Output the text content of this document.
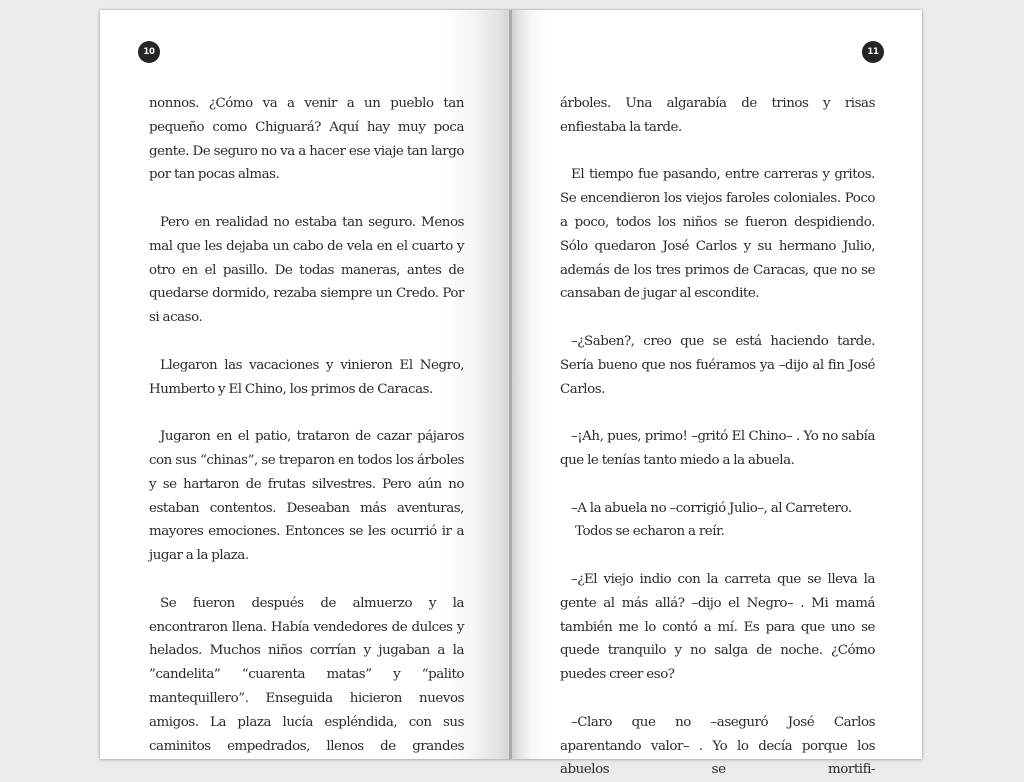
10

nonnos. ¿Cómo va a venir a un pueblo tan pequeño como Chiguará? Aquí hay muy poca gente. De seguro no va a hacer ese viaje tan largo por tan pocas almas.

Pero en realidad no estaba tan seguro. Menos mal que les dejaba un cabo de vela en el cuarto y otro en el pasillo. De todas maneras, antes de quedarse dormido, rezaba siempre un Credo. Por si acaso.

Llegaron las vacaciones y vinieron El Negro, Humberto y El Chino, los primos de Caracas.

Jugaron en el patio, trataron de cazar pájaros con sus “chinas”, se treparon en todos los árboles y se hartaron de frutas silvestres. Pero aún no estaban contentos. Deseaban más aventuras, mayores emociones. Entonces se les ocurrió ir a jugar a la plaza.

Se fueron después de almuerzo y la encontraron llena. Había vendedores de dulces y helados. Muchos niños corrían y jugaban a la ”candelita” “cuarenta matas” y “palito mantequillero”. Enseguida hicieron nuevos amigos. La plaza lucía espléndida, con sus caminitos empedrados, llenos de grandes

11

árboles. Una algarabía de trinos y risas enfiestaba la tarde.

El tiempo fue pasando, entre carreras y gritos. Se encendieron los viejos faroles coloniales. Poco a poco, todos los niños se fueron despidiendo. Sólo quedaron José Carlos y su hermano Julio, además de los tres primos de Caracas, que no se cansaban de jugar al escondite.

–¿Saben?, creo que se está haciendo tarde. Sería bueno que nos fuéramos ya –dijo al fin José Carlos.

–¡Ah, pues, primo! –gritó El Chino– . Yo no sabía que le tenías tanto miedo a la abuela.

–A la abuela no –corrigió Julio–, al Carretero.

Todos se echaron a reír.

–¿El viejo indio con la carreta que se lleva la gente al más allá? –dijo el Negro– . Mi mamá también me lo contó a mí. Es para que uno se quede tranquilo y no salga de noche. ¿Cómo puedes creer eso?

–Claro que no –aseguró José Carlos aparentando valor– . Yo lo decía porque los abuelos se mortifi-
